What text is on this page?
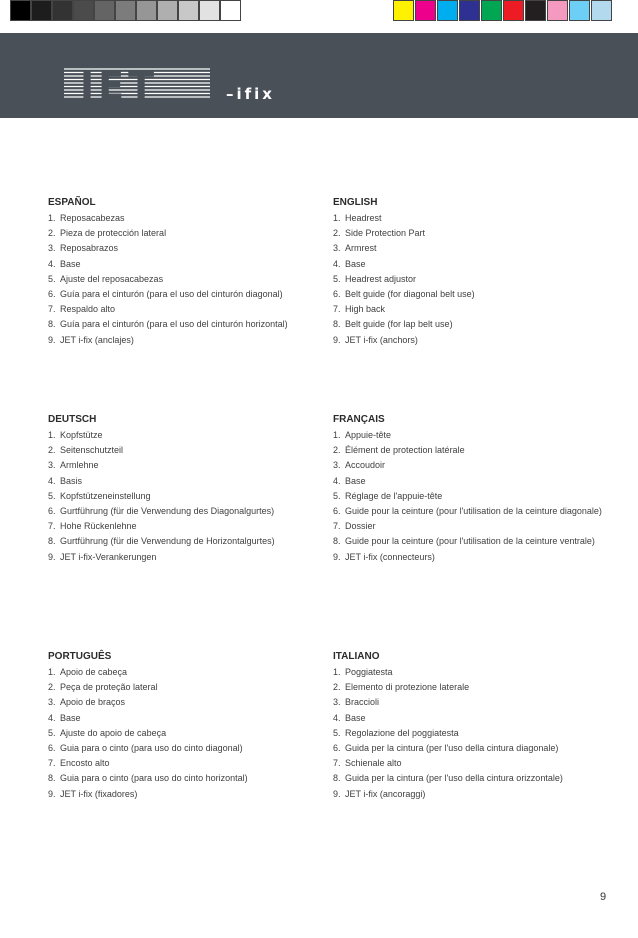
JET	–ifix
ESPAÑOL
1. Reposacabezas
2. Pieza de protección lateral
3. Reposabrazos
4. Base
5. Ajuste del reposacabezas
6. Guía para el cinturón (para el uso del cinturón diagonal)
7. Respaldo alto
8. Guía para el cinturón (para el uso del cinturón horizontal)
9. JET i-fix (anclajes)
ENGLISH
1. Headrest
2. Side Protection Part
3. Armrest
4. Base
5. Headrest adjustor
6. Belt guide (for diagonal belt use)
7. High back
8. Belt guide (for lap belt use)
9. JET i-fix (anchors)
DEUTSCH
1. Kopfstütze
2. Seitenschutzteil
3. Armlehne
4. Basis
5. Kopfstützeneinstellung
6. Gurtführung (für die Verwendung des Diagonalgurtes)
7. Hohe Rückenlehne
8. Gurtführung (für die Verwendung de Horizontalgurtes)
9. JET i-fix-Verankerungen
FRANÇAIS
1. Appuie-tête
2. Élément de protection latérale
3. Accoudoir
4. Base
5. Réglage de l'appuie-tête
6. Guide pour la ceinture (pour l'utilisation de la ceinture diagonale)
7. Dossier
8. Guide pour la ceinture (pour l'utilisation de la ceinture ventrale)
9. JET i-fix (connecteurs)
PORTUGUÊS
1. Apoio de cabeça
2. Peça de proteção lateral
3. Apoio de braços
4. Base
5. Ajuste do apoio de cabeça
6. Guia para o cinto (para uso do cinto diagonal)
7. Encosto alto
8. Guia para o cinto (para uso do cinto horizontal)
9. JET i-fix (fixadores)
ITALIANO
1. Poggiatesta
2. Elemento di protezione laterale
3. Braccioli
4. Base
5. Regolazione del poggiatesta
6. Guida per la cintura (per l'uso della cintura diagonale)
7. Schienale alto
8. Guida per la cintura (per l'uso della cintura orizzontale)
9. JET i-fix (ancoraggi)
9
